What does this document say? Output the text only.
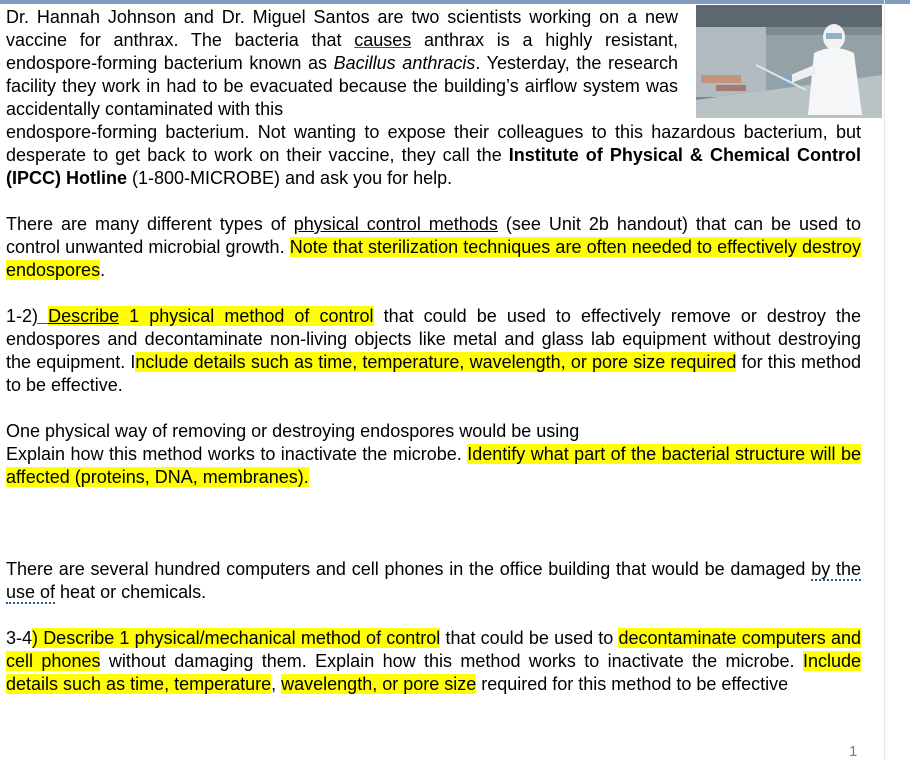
Dr. Hannah Johnson and Dr. Miguel Santos are two scientists working on a new vaccine for anthrax. The bacteria that causes anthrax is a highly resistant, endospore-forming bacterium known as Bacillus anthracis. Yesterday, the research facility they work in had to be evacuated because the building’s airflow system was accidentally contaminated with this

endospore-forming bacterium. Not wanting to expose their colleagues to this hazardous bacterium, but desperate to get back to work on their vaccine, they call the Institute of Physical & Chemical Control (IPCC) Hotline (1-800-MICROBE) and ask you for help.

There are many different types of physical control methods (see Unit 2b handout) that can be used to control unwanted microbial growth. Note that sterilization techniques are often needed to effectively destroy endospores.

1-2) Describe 1 physical method of control that could be used to effectively remove or destroy the endospores and decontaminate non-living objects like metal and glass lab equipment without destroying the equipment. Include details such as time, temperature, wavelength, or pore size required for this method to be effective.

One physical way of removing or destroying endospores would be using

Explain how this method works to inactivate the microbe. Identify what part of the bacterial structure will be affected (proteins, DNA, membranes).

There are several hundred computers and cell phones in the office building that would be damaged by the use of heat or chemicals.

3-4) Describe 1 physical/mechanical method of control that could be used to decontaminate computers and cell phones without damaging them. Explain how this method works to inactivate the microbe. Include details such as time, temperature, wavelength, or pore size required for this method to be effective

1
